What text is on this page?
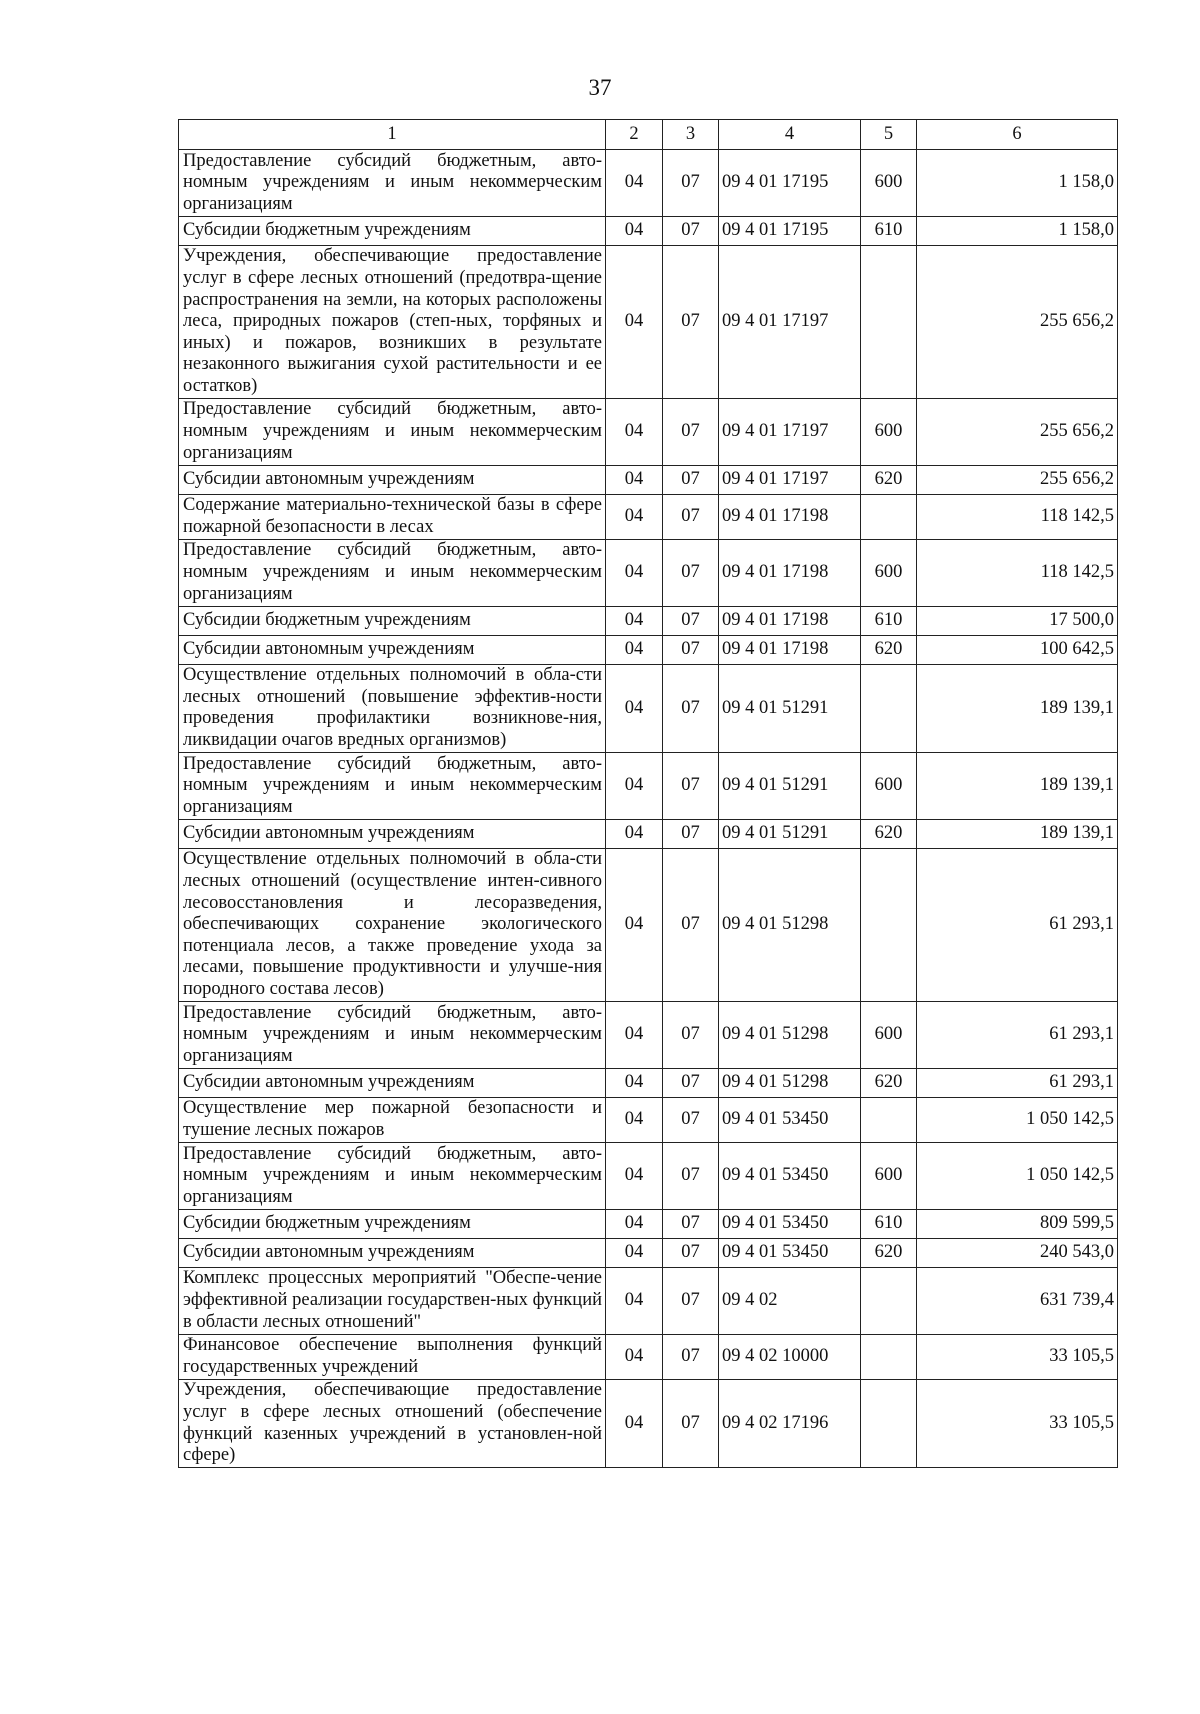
37
1	2	3	4	5	6
Предоставление субсидий бюджетным, авто-номным учреждениям и иным некоммерческим организациям	04	07	09 4 01 17195	600	1 158,0
Субсидии бюджетным учреждениям	04	07	09 4 01 17195	610	1 158,0
Учреждения, обеспечивающие предоставление услуг в сфере лесных отношений (предотвра-щение распространения на земли, на которых расположены леса, природных пожаров (степ-ных, торфяных и иных) и пожаров, возникших в результате незаконного выжигания сухой растительности и ее остатков)	04	07	09 4 01 17197		255 656,2
Предоставление субсидий бюджетным, авто-номным учреждениям и иным некоммерческим организациям	04	07	09 4 01 17197	600	255 656,2
Субсидии автономным учреждениям	04	07	09 4 01 17197	620	255 656,2
Содержание материально-технической базы в сфере пожарной безопасности в лесах	04	07	09 4 01 17198		118 142,5
Предоставление субсидий бюджетным, авто-номным учреждениям и иным некоммерческим организациям	04	07	09 4 01 17198	600	118 142,5
Субсидии бюджетным учреждениям	04	07	09 4 01 17198	610	17 500,0
Субсидии автономным учреждениям	04	07	09 4 01 17198	620	100 642,5
Осуществление отдельных полномочий в обла-сти лесных отношений (повышение эффектив-ности проведения профилактики возникнове-ния, ликвидации очагов вредных организмов)	04	07	09 4 01 51291		189 139,1
Предоставление субсидий бюджетным, авто-номным учреждениям и иным некоммерческим организациям	04	07	09 4 01 51291	600	189 139,1
Субсидии автономным учреждениям	04	07	09 4 01 51291	620	189 139,1
Осуществление отдельных полномочий в обла-сти лесных отношений (осуществление интен-сивного лесовосстановления и лесоразведения, обеспечивающих сохранение экологического потенциала лесов, а также проведение ухода за лесами, повышение продуктивности и улучше-ния породного состава лесов)	04	07	09 4 01 51298		61 293,1
Предоставление субсидий бюджетным, авто-номным учреждениям и иным некоммерческим организациям	04	07	09 4 01 51298	600	61 293,1
Субсидии автономным учреждениям	04	07	09 4 01 51298	620	61 293,1
Осуществление мер пожарной безопасности и тушение лесных пожаров	04	07	09 4 01 53450		1 050 142,5
Предоставление субсидий бюджетным, авто-номным учреждениям и иным некоммерческим организациям	04	07	09 4 01 53450	600	1 050 142,5
Субсидии бюджетным учреждениям	04	07	09 4 01 53450	610	809 599,5
Субсидии автономным учреждениям	04	07	09 4 01 53450	620	240 543,0
Комплекс процессных мероприятий "Обеспе-чение эффективной реализации государствен-ных функций в области лесных отношений"	04	07	09 4 02		631 739,4
Финансовое обеспечение выполнения функций государственных учреждений	04	07	09 4 02 10000		33 105,5
Учреждения, обеспечивающие предоставление услуг в сфере лесных отношений (обеспечение функций казенных учреждений в установлен-ной сфере)	04	07	09 4 02 17196		33 105,5
